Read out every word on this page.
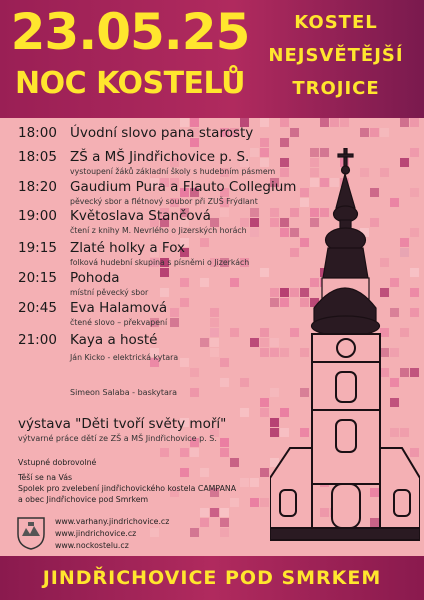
23.05.25
NOC KOSTELŮ
KOSTEL
NEJSVĚTĚJŠÍ
TROJICE
18:00 Úvodní slovo pana starosty
18:05 ZŠ a MŠ Jindřichovice p. S.
vystoupení žáků základní školy s hudebním pásmem
18:20 Gaudium Pura a Flauto Collegium
pěvecký sbor a flétnový soubor při ZUŠ Frýdlant
19:00 Květoslava Stančová
čtení z knihy M. Nevrlého o Jizerských horách
19:15 Zlaté holky a Fox
folková hudební skupina s písněmi o Jizerkách
20:15 Pohoda
místní pěvecký sbor
20:45 Eva Halamová
čtené slovo – překvapení
21:00 Kaya a hosté
Ján Kicko - elektrická kytara
Simeon Salaba - baskytara
výstava "Děti tvoří světy moří"
výtvarné práce dětí ze ZŠ a MŠ Jindřichovice p. S.
Vstupné dobrovolné
Těší se na Vás
Spolek pro zvelebení jindřichovického kostela CAMPANA
a obec Jindřichovice pod Smrkem
www.varhany.jindrichovice.cz
www.jindrichovice.cz
www.nockostelu.cz
JINDŘICHOVICE POD SMRKEM
